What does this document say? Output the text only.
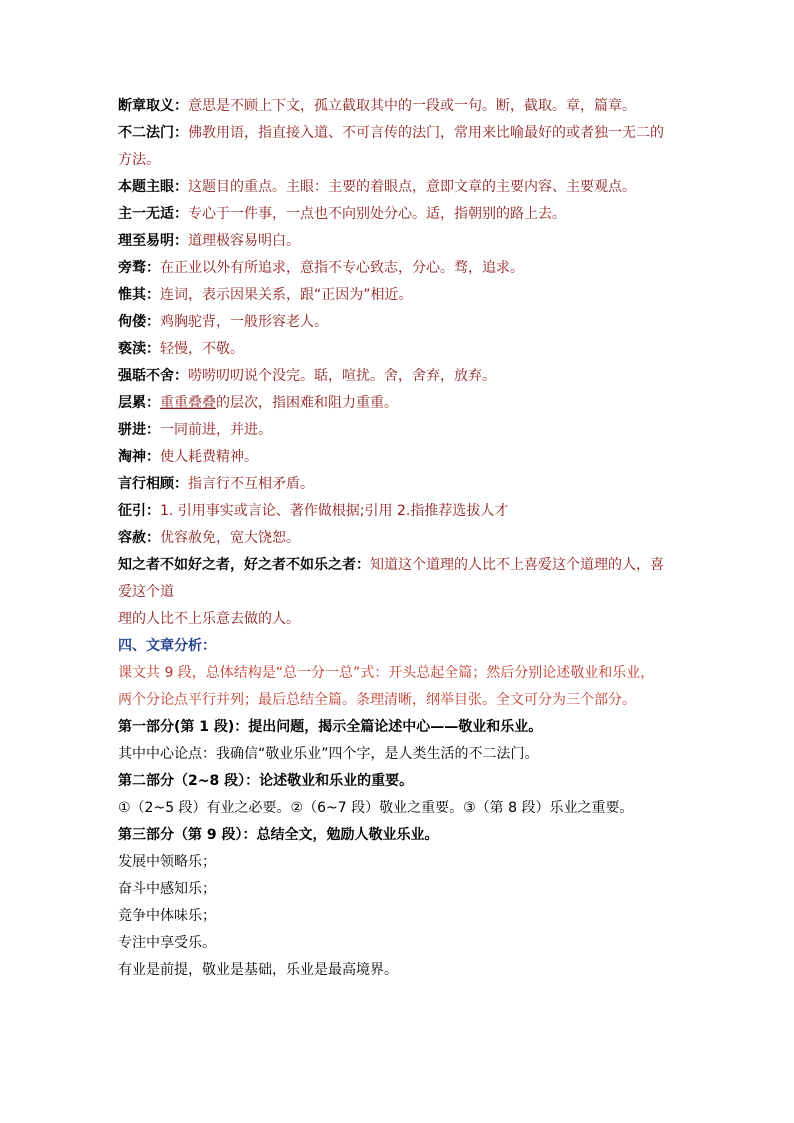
断章取义：意思是不顾上下文，孤立截取其中的一段或一句。断，截取。章，篇章。
不二法门：佛教用语，指直接入道、不可言传的法门，常用来比喻最好的或者独一无二的
方法。
本题主眼：这题目的重点。主眼：主要的着眼点，意即文章的主要内容、主要观点。
主一无适：专心于一件事，一点也不向别处分心。适，指朝别的路上去。
理至易明：道理极容易明白。
旁骛：在正业以外有所追求，意指不专心致志，分心。骛，追求。
惟其：连词，表示因果关系，跟“正因为”相近。
佝偻：鸡胸驼背，一般形容老人。
亵渎：轻慢，不敬。
强聒不舍：唠唠叨叨说个没完。聒，喧扰。舍，舍弃，放弃。
层累：重重叠叠的层次，指困难和阻力重重。
骈进：一同前进，并进。
淘神：使人耗费精神。
言行相顾：指言行不互相矛盾。
征引：1. 引用事实或言论、著作做根据;引用 2.指推荐选拔人才
容赦：优容赦免，宽大饶恕。
知之者不如好之者，好之者不如乐之者：知道这个道理的人比不上喜爱这个道理的人，喜
爱这个道
理的人比不上乐意去做的人。
四、文章分析：
课文共 9 段，总体结构是“总一分一总”式：开头总起全篇；然后分别论述敬业和乐业，
两个分论点平行并列；最后总结全篇。条理清晰，纲举目张。全文可分为三个部分。
第一部分(第 1 段)：提出问题，揭示全篇论述中心——敬业和乐业。
其中中心论点：我确信“敬业乐业”四个字，是人类生活的不二法门。
第二部分（2~8 段）：论述敬业和乐业的重要。
①（2~5 段）有业之必要。②（6~7 段）敬业之重要。③（第 8 段）乐业之重要。
第三部分（第 9 段）：总结全文，勉励人敬业乐业。
发展中领略乐；
奋斗中感知乐；
竞争中体味乐；
专注中享受乐。
有业是前提，敬业是基础，乐业是最高境界。
